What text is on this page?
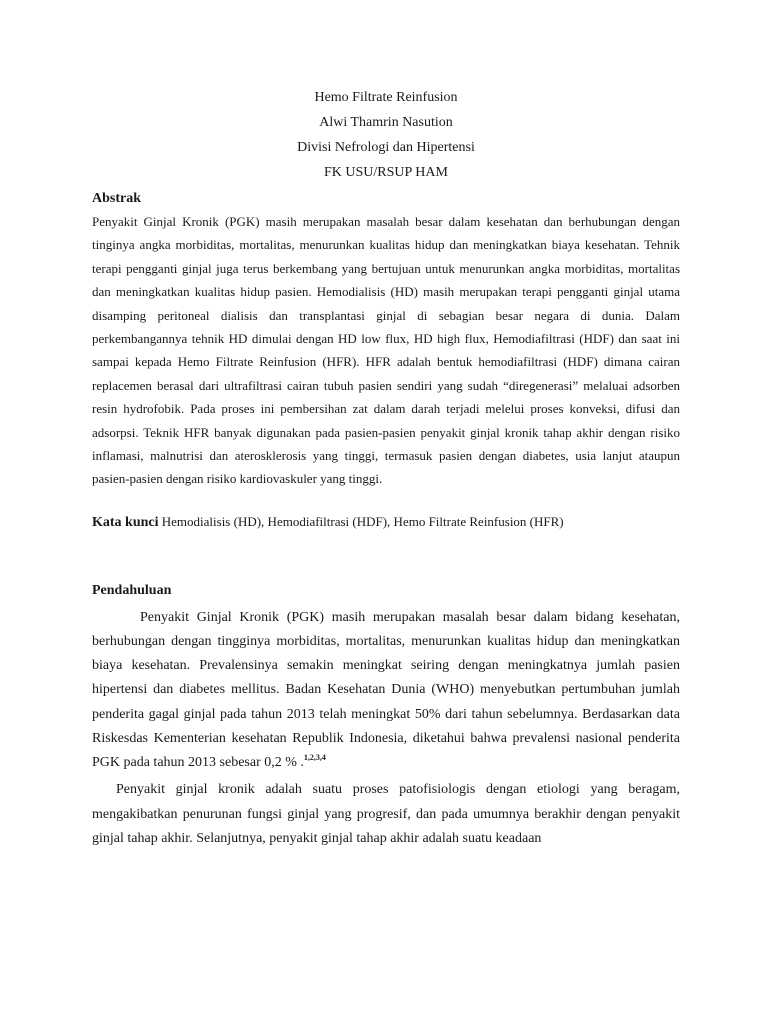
Hemo Filtrate Reinfusion
Alwi Thamrin Nasution
Divisi Nefrologi dan Hipertensi
FK USU/RSUP HAM

Abstrak

Penyakit Ginjal Kronik (PGK) masih merupakan masalah besar dalam kesehatan dan berhubungan dengan tinginya angka morbiditas, mortalitas, menurunkan kualitas hidup dan meningkatkan biaya kesehatan. Tehnik terapi pengganti ginjal juga terus berkembang yang bertujuan untuk menurunkan angka morbiditas, mortalitas dan meningkatkan kualitas hidup pasien. Hemodialisis (HD) masih merupakan terapi pengganti ginjal utama disamping peritoneal dialisis dan transplantasi ginjal di sebagian besar negara di dunia. Dalam perkembangannya tehnik HD dimulai dengan HD low flux, HD high flux, Hemodiafiltrasi (HDF) dan saat ini sampai kepada Hemo Filtrate Reinfusion (HFR). HFR adalah bentuk hemodiafiltrasi (HDF) dimana cairan replacemen berasal dari ultrafiltrasi cairan tubuh pasien sendiri yang sudah “diregenerasi” melaluai adsorben resin hydrofobik. Pada proses ini pembersihan zat dalam darah terjadi melelui proses konveksi, difusi dan adsorpsi. Teknik HFR banyak digunakan pada pasien-pasien penyakit ginjal kronik tahap akhir dengan risiko inflamasi, malnutrisi dan aterosklerosis yang tinggi, termasuk pasien dengan diabetes, usia lanjut ataupun pasien-pasien dengan risiko kardiovaskuler yang tinggi.

Kata kunci Hemodialisis (HD), Hemodiafiltrasi (HDF), Hemo Filtrate Reinfusion (HFR)

Pendahuluan

Penyakit Ginjal Kronik (PGK) masih merupakan masalah besar dalam bidang kesehatan, berhubungan dengan tingginya morbiditas, mortalitas, menurunkan kualitas hidup dan meningkatkan biaya kesehatan. Prevalensinya semakin meningkat seiring dengan meningkatnya jumlah pasien hipertensi dan diabetes mellitus. Badan Kesehatan Dunia (WHO) menyebutkan pertumbuhan jumlah penderita gagal ginjal pada tahun 2013 telah meningkat 50% dari tahun sebelumnya. Berdasarkan data Riskesdas Kementerian kesehatan Republik Indonesia, diketahui bahwa prevalensi nasional penderita PGK pada tahun 2013 sebesar 0,2 % .$^{1,2,3,4}$

Penyakit ginjal kronik adalah suatu proses patofisiologis dengan etiologi yang beragam, mengakibatkan penurunan fungsi ginjal yang progresif, dan pada umumnya berakhir dengan penyakit ginjal tahap akhir. Selanjutnya, penyakit ginjal tahap akhir adalah suatu keadaan
